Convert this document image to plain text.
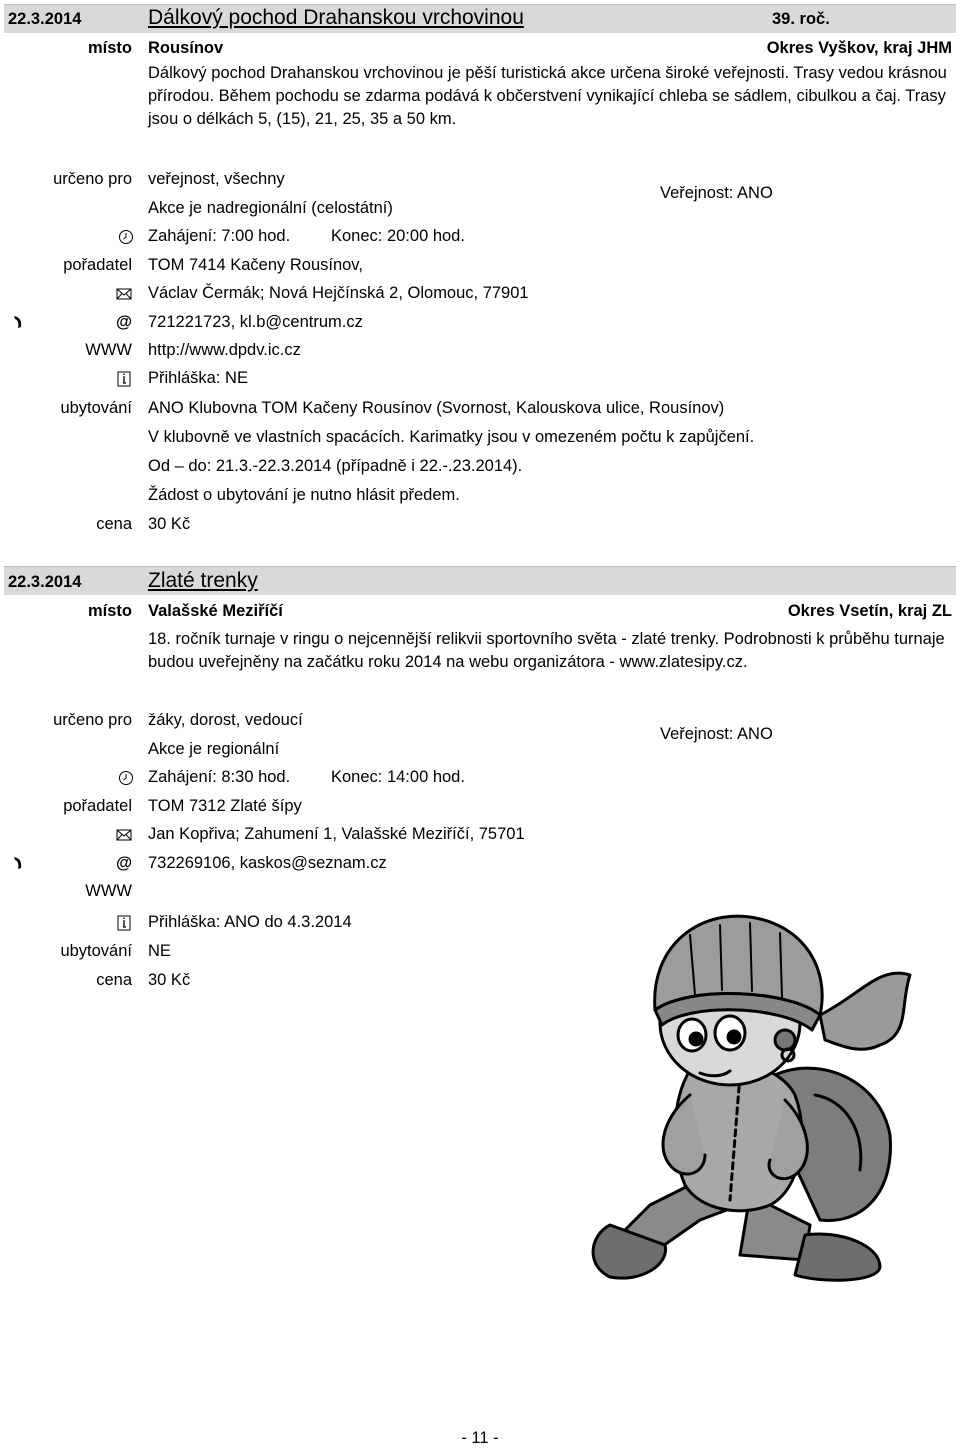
22.3.2014	Dálkový pochod Drahanskou vrchovinou	39. roč.
místo Rousínov	Okres Vyškov, kraj JHM
Dálkový pochod Drahanskou vrchovinou je pěší turistická akce určena široké veřejnosti. Trasy vedou krásnou přírodou. Během pochodu se zdarma podává k občerstvení vynikající chleba se sádlem, cibulkou a čaj. Trasy jsou o délkách 5, (15), 21, 25, 35 a 50 km.
určeno pro veřejnost, všechny
Veřejnost: ANO
Akce je nadregionální (celostátní)
Zahájení: 7:00 hod. Konec: 20:00 hod.
pořadatel TOM 7414 Kačeny Rousínov,
Václav Čermák; Nová Hejčínská 2, Olomouc, 77901
@ 721221723, kl.b@centrum.cz
WWW http://www.dpdv.ic.cz
Přihláška: NE
ubytování ANO Klubovna TOM Kačeny Rousínov (Svornost, Kalouskova ulice, Rousínov)
V klubovně ve vlastních spacácích. Karimatky jsou v omezeném počtu k zapůjčení.
Od – do: 21.3.-22.3.2014 (případně i 22.-.23.2014).
Žádost o ubytování je nutno hlásit předem.
cena 30 Kč
22.3.2014	Zlaté trenky
místo Valašské Meziříčí	Okres Vsetín, kraj ZL
18. ročník turnaje v ringu o nejcennější relikvii sportovního světa - zlaté trenky. Podrobnosti k průběhu turnaje budou uveřejněny na začátku roku 2014 na webu organizátora - www.zlatesipy.cz.
určeno pro žáky, dorost, vedoucí
Veřejnost: ANO
Akce je regionální
Zahájení: 8:30 hod. Konec: 14:00 hod.
pořadatel TOM 7312 Zlaté šípy
Jan Kopřiva; Zahumení 1, Valašské Meziříčí, 75701
@ 732269106, kaskos@seznam.cz
WWW
Přihláška: ANO do 4.3.2014
ubytování NE
cena 30 Kč
- 11 -
